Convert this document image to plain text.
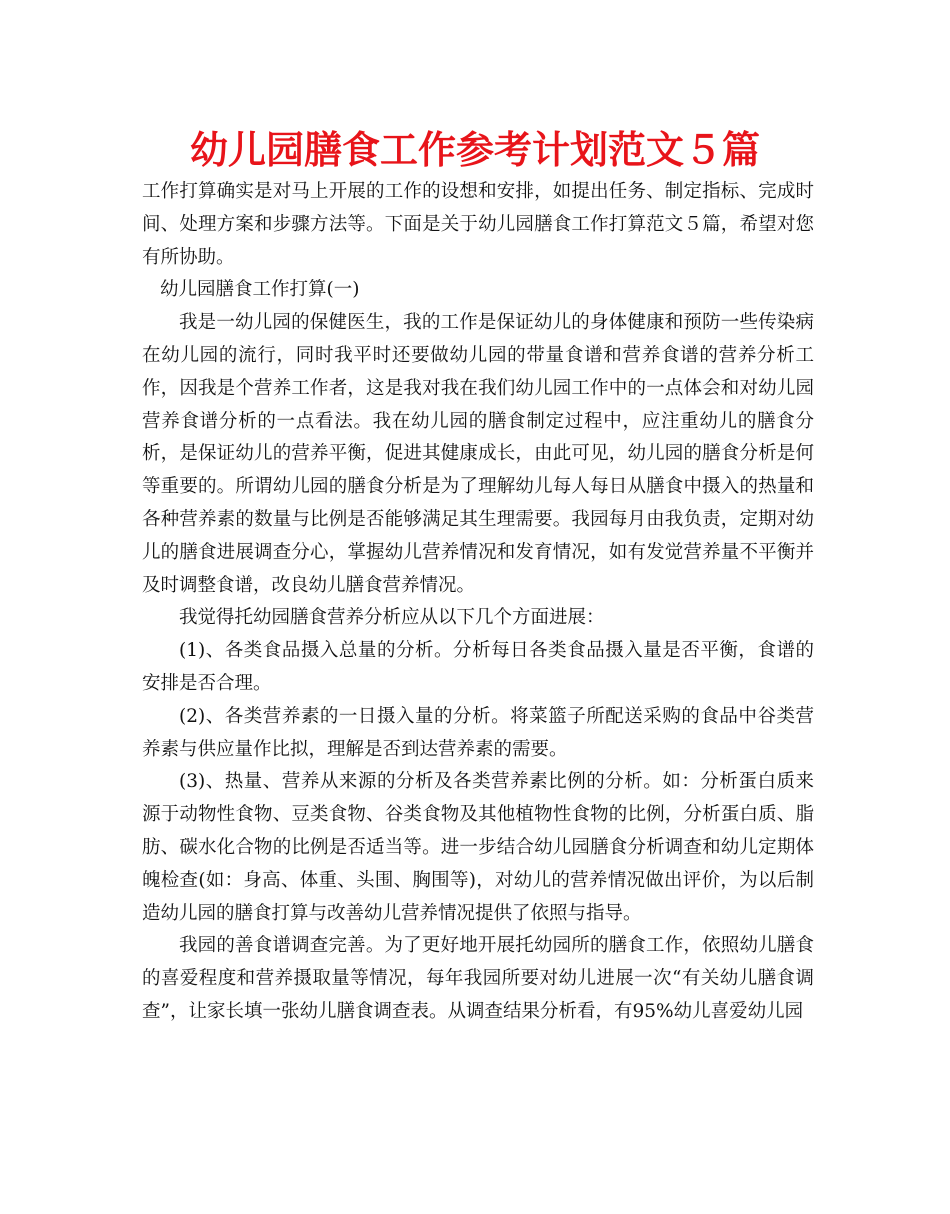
幼儿园膳食工作参考计划范文５篇

工作打算确实是对马上开展的工作的设想和安排，如提出任务、制定指标、完成时间、处理方案和步骤方法等。下面是关于幼儿园膳食工作打算范文５篇，希望对您有所协助。

幼儿园膳食工作打算(一)

我是一幼儿园的保健医生，我的工作是保证幼儿的身体健康和预防一些传染病在幼儿园的流行，同时我平时还要做幼儿园的带量食谱和营养食谱的营养分析工作，因我是个营养工作者，这是我对我在我们幼儿园工作中的一点体会和对幼儿园营养食谱分析的一点看法。我在幼儿园的膳食制定过程中，应注重幼儿的膳食分析，是保证幼儿的营养平衡，促进其健康成长，由此可见，幼儿园的膳食分析是何等重要的。所谓幼儿园的膳食分析是为了理解幼儿每人每日从膳食中摄入的热量和各种营养素的数量与比例是否能够满足其生理需要。我园每月由我负责，定期对幼儿的膳食进展调查分心，掌握幼儿营养情况和发育情况，如有发觉营养量不平衡并及时调整食谱，改良幼儿膳食营养情况。

我觉得托幼园膳食营养分析应从以下几个方面进展：

(1)、各类食品摄入总量的分析。分析每日各类食品摄入量是否平衡，食谱的安排是否合理。

(2)、各类营养素的一日摄入量的分析。将菜篮子所配送采购的食品中谷类营养素与供应量作比拟，理解是否到达营养素的需要。

(3)、热量、营养从来源的分析及各类营养素比例的分析。如：分析蛋白质来源于动物性食物、豆类食物、谷类食物及其他植物性食物的比例，分析蛋白质、脂肪、碳水化合物的比例是否适当等。进一步结合幼儿园膳食分析调查和幼儿定期体魄检查(如：身高、体重、头围、胸围等)，对幼儿的营养情况做出评价，为以后制造幼儿园的膳食打算与改善幼儿营养情况提供了依照与指导。

我园的善食谱调查完善。为了更好地开展托幼园所的膳食工作，依照幼儿膳食的喜爱程度和营养摄取量等情况，每年我园所要对幼儿进展一次“有关幼儿膳食调查”，让家长填一张幼儿膳食调查表。从调查结果分析看，有95%幼儿喜爱幼儿园
